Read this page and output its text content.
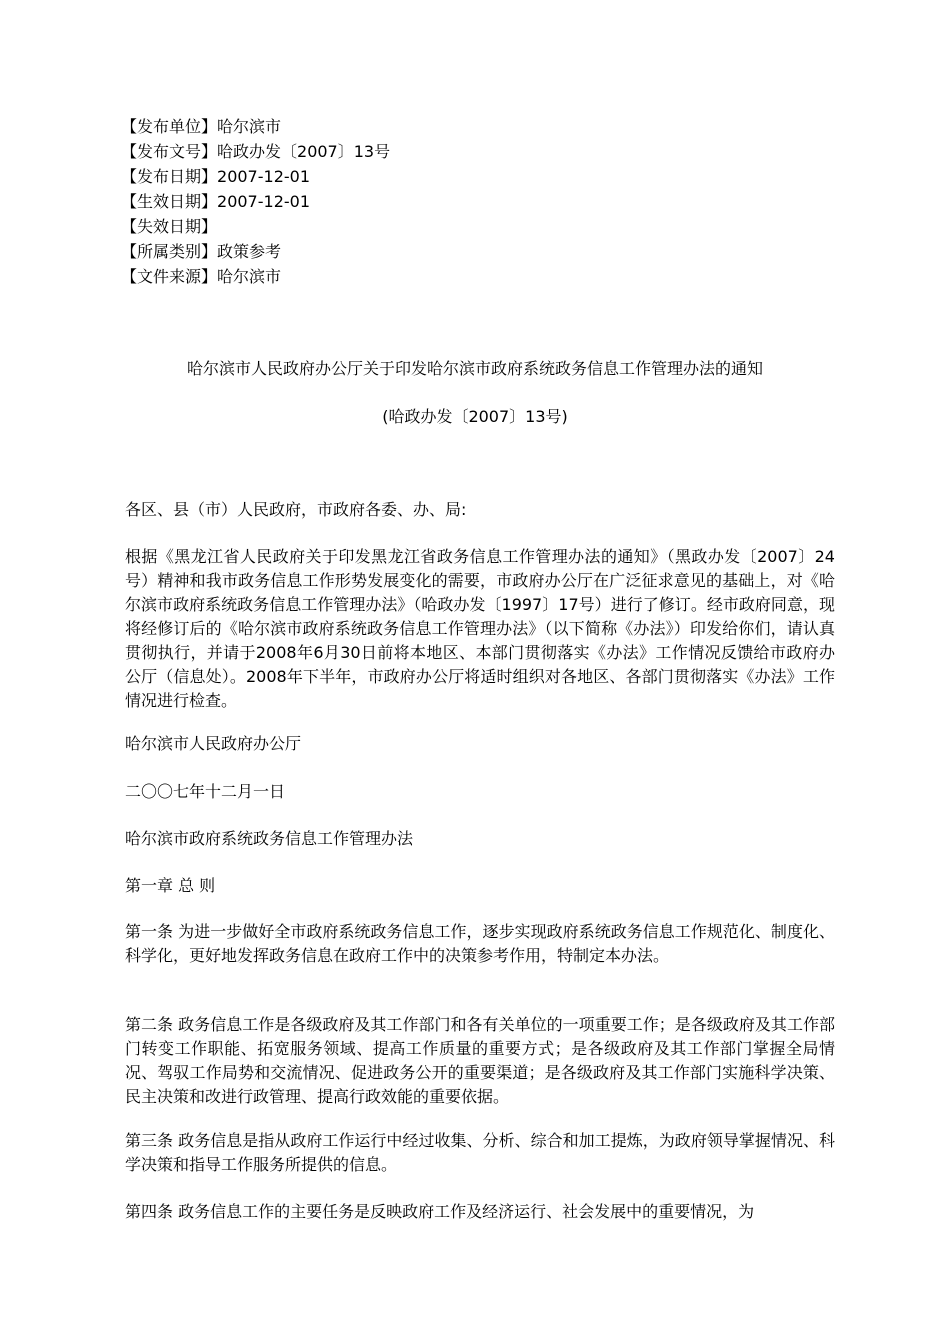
【发布单位】哈尔滨市
【发布文号】哈政办发〔2007〕13号
【发布日期】2007-12-01
【生效日期】2007-12-01
【失效日期】
【所属类别】政策参考
【文件来源】哈尔滨市
哈尔滨市人民政府办公厅关于印发哈尔滨市政府系统政务信息工作管理办法的通知
(哈政办发〔2007〕13号)
各区、县（市）人民政府，市政府各委、办、局:
根据《黑龙江省人民政府关于印发黑龙江省政务信息工作管理办法的通知》（黑政办发〔2007〕24号）精神和我市政务信息工作形势发展变化的需要，市政府办公厅在广泛征求意见的基础上，对《哈尔滨市政府系统政务信息工作管理办法》（哈政办发〔1997〕17号）进行了修订。经市政府同意，现将经修订后的《哈尔滨市政府系统政务信息工作管理办法》（以下简称《办法》）印发给你们，请认真贯彻执行，并请于2008年6月30日前将本地区、本部门贯彻落实《办法》工作情况反馈给市政府办公厅（信息处）。2008年下半年，市政府办公厅将适时组织对各地区、各部门贯彻落实《办法》工作情况进行检查。
哈尔滨市人民政府办公厅
二〇〇七年十二月一日
哈尔滨市政府系统政务信息工作管理办法
第一章 总 则
第一条 为进一步做好全市政府系统政务信息工作，逐步实现政府系统政务信息工作规范化、制度化、科学化，更好地发挥政务信息在政府工作中的决策参考作用，特制定本办法。
第二条 政务信息工作是各级政府及其工作部门和各有关单位的一项重要工作；是各级政府及其工作部门转变工作职能、拓宽服务领域、提高工作质量的重要方式；是各级政府及其工作部门掌握全局情况、驾驭工作局势和交流情况、促进政务公开的重要渠道；是各级政府及其工作部门实施科学决策、民主决策和改进行政管理、提高行政效能的重要依据。
第三条 政务信息是指从政府工作运行中经过收集、分析、综合和加工提炼，为政府领导掌握情况、科学决策和指导工作服务所提供的信息。
第四条 政务信息工作的主要任务是反映政府工作及经济运行、社会发展中的重要情况，为
